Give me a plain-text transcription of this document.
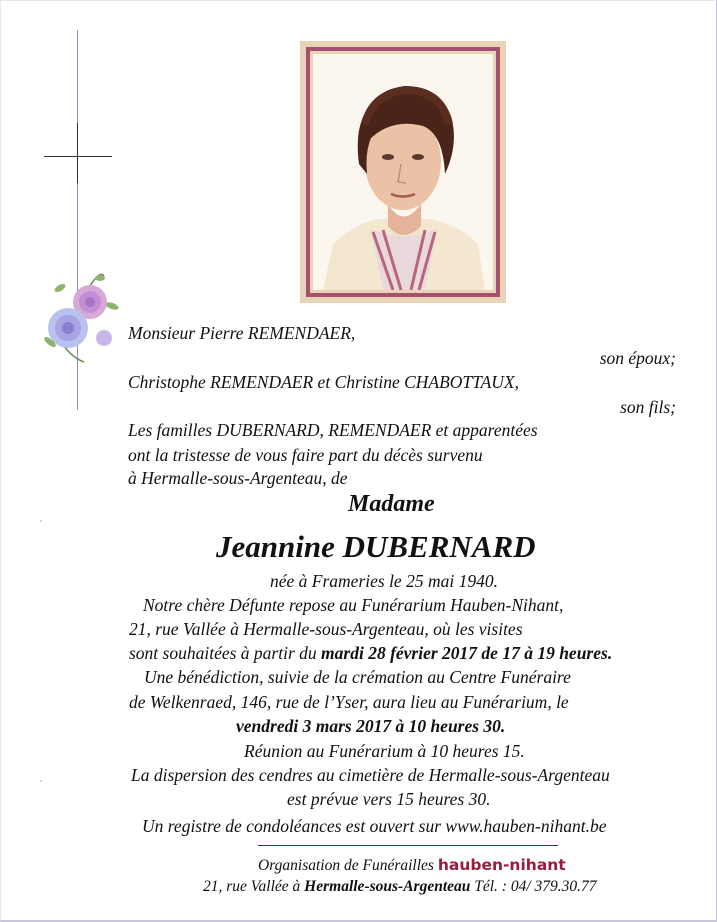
Monsieur Pierre REMENDAER,
son époux;
Christophe REMENDAER et Christine CHABOTTAUX,
son fils;
Les familles DUBERNARD, REMENDAER et apparentées
ont la tristesse de vous faire part du décès survenu
à Hermalle-sous-Argenteau, de
Madame
Jeannine DUBERNARD
née à Frameries le 25 mai 1940.
Notre chère Défunte repose au Funérarium Hauben-Nihant,
21, rue Vallée à Hermalle-sous-Argenteau, où les visites
sont souhaitées à partir du mardi 28 février 2017 de 17 à 19 heures.
Une bénédiction, suivie de la crémation au Centre Funéraire
de Welkenraed, 146, rue de l’Yser, aura lieu au Funérarium, le
vendredi 3 mars 2017 à 10 heures 30.
Réunion au Funérarium à 10 heures 15.
La dispersion des cendres au cimetière de Hermalle-sous-Argenteau
est prévue vers 15 heures 30.
Un registre de condoléances est ouvert sur www.hauben-nihant.be
Organisation de Funérailles hauben-nihant
21, rue Vallée à Hermalle-sous-Argenteau Tél. : 04/ 379.30.77
